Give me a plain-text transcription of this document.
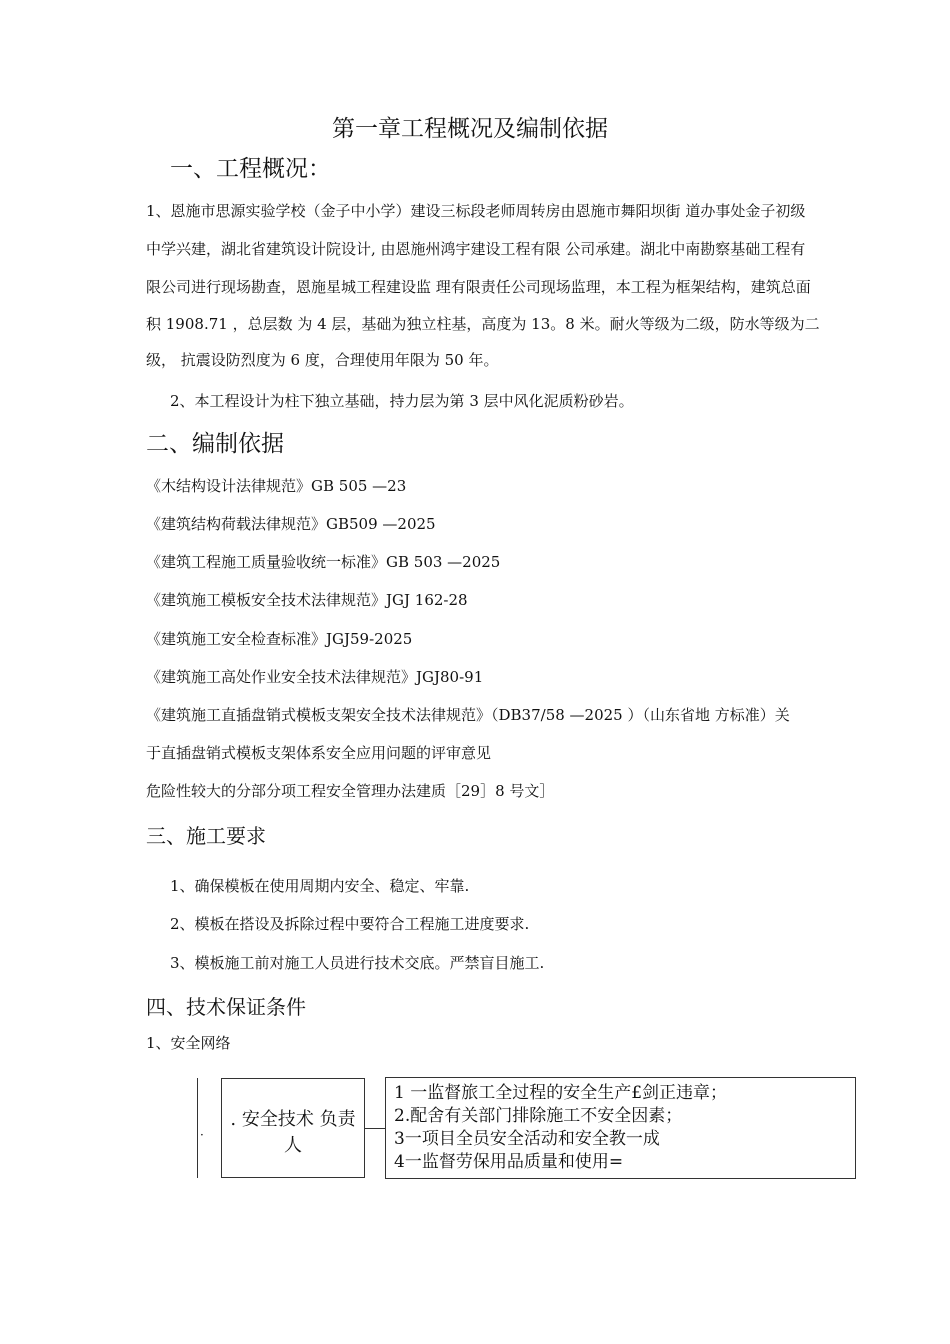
第一章工程概况及编制依据
一、工程概况：
1、恩施市思源实验学校（金子中小学）建设三标段老师周转房由恩施市舞阳坝街 道办事处金子初级
中学兴建，湖北省建筑设计院设计, 由恩施州鸿宇建设工程有限 公司承建。湖北中南勘察基础工程有
限公司进行现场勘查，恩施星城工程建设监 理有限责任公司现场监理，本工程为框架结构，建筑总面
积 1908.71 ，总层数 为 4 层，基础为独立柱基，高度为 13。8 米。耐火等级为二级，防水等级为二
级， 抗震设防烈度为 6 度，合理使用年限为 50 年。
2、本工程设计为柱下独立基础，持力层为第 3 层中风化泥质粉砂岩。
二、编制依据
《木结构设计法律规范》GB 505 —23
《建筑结构荷载法律规范》GB509 —2025
《建筑工程施工质量验收统一标准》GB 503 —2025
《建筑施工模板安全技术法律规范》JGJ 162-28
《建筑施工安全检查标准》JGJ59-2025
《建筑施工高处作业安全技术法律规范》JGJ80-91
《建筑施工直插盘销式模板支架安全技术法律规范》（DB37/58 —2025 ）（山东省地 方标准）关
于直插盘销式模板支架体系安全应用问题的评审意见
危险性较大的分部分项工程安全管理办法建质［29］8 号文］
三、施工要求
1、确保模板在使用周期内安全、稳定、牢靠.
2、模板在搭设及拆除过程中要符合工程施工进度要求.
3、模板施工前对施工人员进行技术交底。严禁盲目施工.
四、技术保证条件
1、安全网络
·
. 安全技术 负责人
1 一监督旅工全过程的安全生产£剑正违章；
2.配舍有关部门排除施工不安全因素；
3一项目全员安全活动和安全教一成
4一监督劳保用品质量和使用=
